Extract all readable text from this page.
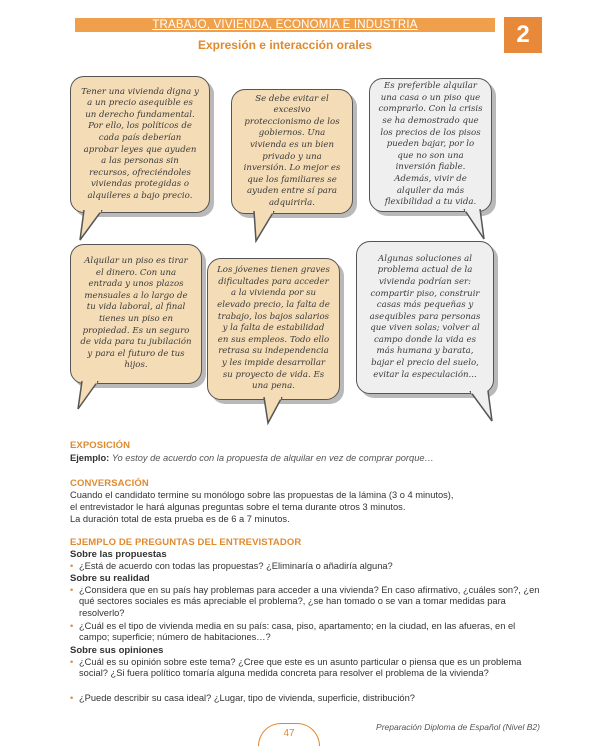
TRABAJO, VIVIENDA, ECONOMÍA E INDUSTRIA
Expresión e interacción orales	2

Tener una vivienda digna y a un precio asequible es un derecho fundamental. Por ello, los políticos de cada país deberían aprobar leyes que ayuden a las personas sin recursos, ofreciéndoles viviendas protegidas o alquileres a bajo precio.

Se debe evitar el excesivo proteccionismo de los gobiernos. Una vivienda es un bien privado y una inversión. Lo mejor es que los familiares se ayuden entre sí para adquirirla.

Es preferible alquilar una casa o un piso que comprarlo. Con la crisis se ha demostrado que los precios de los pisos pueden bajar, por lo que no son una inversión fiable. Además, vivir de alquiler da más flexibilidad a tu vida.

Alquilar un piso es tirar el dinero. Con una entrada y unos plazos mensuales a lo largo de tu vida laboral, al final tienes un piso en propiedad. Es un seguro de vida para tu jubilación y para el futuro de tus hijos.

Los jóvenes tienen graves dificultades para acceder a la vivienda por su elevado precio, la falta de trabajo, los bajos salarios y la falta de estabilidad en sus empleos. Todo ello retrasa su independencia y les impide desarrollar su proyecto de vida. Es una pena.

Algunas soluciones al problema actual de la vivienda podrían ser: compartir piso, construir casas más pequeñas y asequibles para personas que viven solas; volver al campo donde la vida es más humana y barata, bajar el precio del suelo, evitar la especulación...

EXPOSICIÓN
Ejemplo: Yo estoy de acuerdo con la propuesta de alquilar en vez de comprar porque…
CONVERSACIÓN
Cuando el candidato termine su monólogo sobre las propuestas de la lámina (3 o 4 minutos),
el entrevistador le hará algunas preguntas sobre el tema durante otros 3 minutos.
La duración total de esta prueba es de 6 a 7 minutos.
EJEMPLO DE PREGUNTAS DEL ENTREVISTADOR
Sobre las propuestas
• ¿Está de acuerdo con todas las propuestas? ¿Eliminaría o añadiría alguna?
Sobre su realidad
• ¿Considera que en su país hay problemas para acceder a una vivienda? En caso afirmativo, ¿cuáles son?, ¿en qué sectores sociales es más apreciable el problema?, ¿se han tomado o se van a tomar medidas para resolverlo?
• ¿Cuál es el tipo de vivienda media en su país: casa, piso, apartamento; en la ciudad, en las afueras, en el campo; superficie; número de habitaciones…?
Sobre sus opiniones
• ¿Cuál es su opinión sobre este tema? ¿Cree que este es un asunto particular o piensa que es un problema social? ¿Si fuera político tomaría alguna medida concreta para resolver el problema de la vivienda?
• ¿Puede describir su casa ideal? ¿Lugar, tipo de vivienda, superficie, distribución?
47
Preparación Diploma de Español (Nivel B2)
